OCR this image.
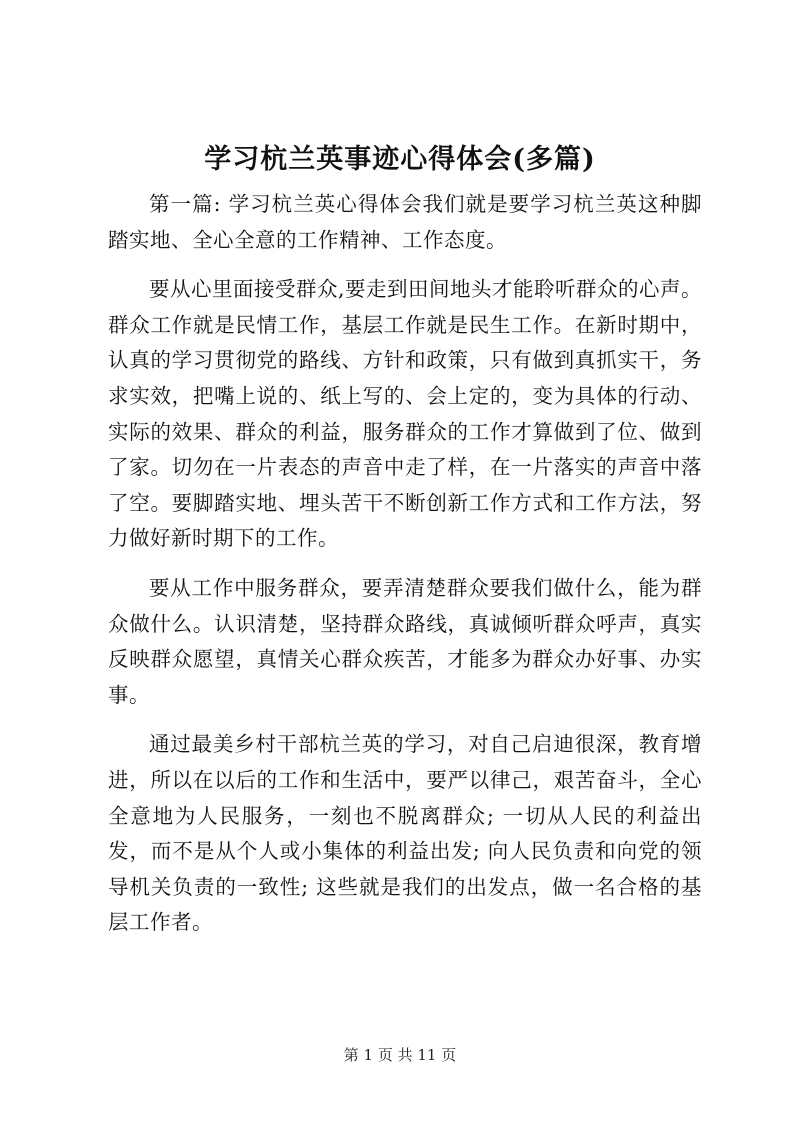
学习杭兰英事迹心得体会(多篇)

第一篇: 学习杭兰英心得体会我们就是要学习杭兰英这种脚踏实地、全心全意的工作精神、工作态度。

要从心里面接受群众,要走到田间地头才能聆听群众的心声。群众工作就是民情工作，基层工作就是民生工作。在新时期中，认真的学习贯彻党的路线、方针和政策，只有做到真抓实干，务求实效，把嘴上说的、纸上写的、会上定的，变为具体的行动、实际的效果、群众的利益，服务群众的工作才算做到了位、做到了家。切勿在一片表态的声音中走了样，在一片落实的声音中落了空。要脚踏实地、埋头苦干不断创新工作方式和工作方法，努力做好新时期下的工作。

要从工作中服务群众，要弄清楚群众要我们做什么，能为群众做什么。认识清楚，坚持群众路线，真诚倾听群众呼声，真实反映群众愿望，真情关心群众疾苦，才能多为群众办好事、办实事。

通过最美乡村干部杭兰英的学习，对自己启迪很深，教育增进，所以在以后的工作和生活中，要严以律己，艰苦奋斗，全心全意地为人民服务，一刻也不脱离群众; 一切从人民的利益出发，而不是从个人或小集体的利益出发; 向人民负责和向党的领导机关负责的一致性; 这些就是我们的出发点，做一名合格的基层工作者。

第 1 页 共 11 页
